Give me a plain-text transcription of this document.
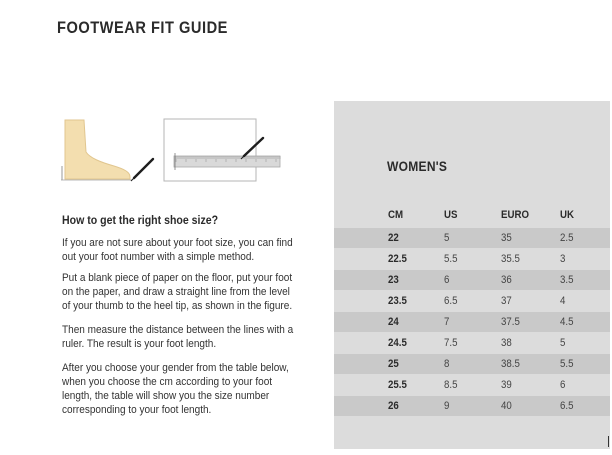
FOOTWEAR FIT GUIDE
How to get the right shoe size?
If you are not sure about your foot size, you can find
out your foot number with a simple method.
Put a blank piece of paper on the floor, put your foot
on the paper, and draw a straight line from the level
of your thumb to the heel tip, as shown in the figure.
Then measure the distance between the lines with a
ruler. The result is your foot length.
After you choose your gender from the table below,
when you choose the cm according to your foot
length, the table will show you the size number
corresponding to your foot length.
WOMEN'S
CM	US	EURO	UK
22	5	35	2.5
22.5	5.5	35.5	3
23	6	36	3.5
23.5	6.5	37	4
24	7	37.5	4.5
24.5	7.5	38	5
25	8	38.5	5.5
25.5	8.5	39	6
26	9	40	6.5
